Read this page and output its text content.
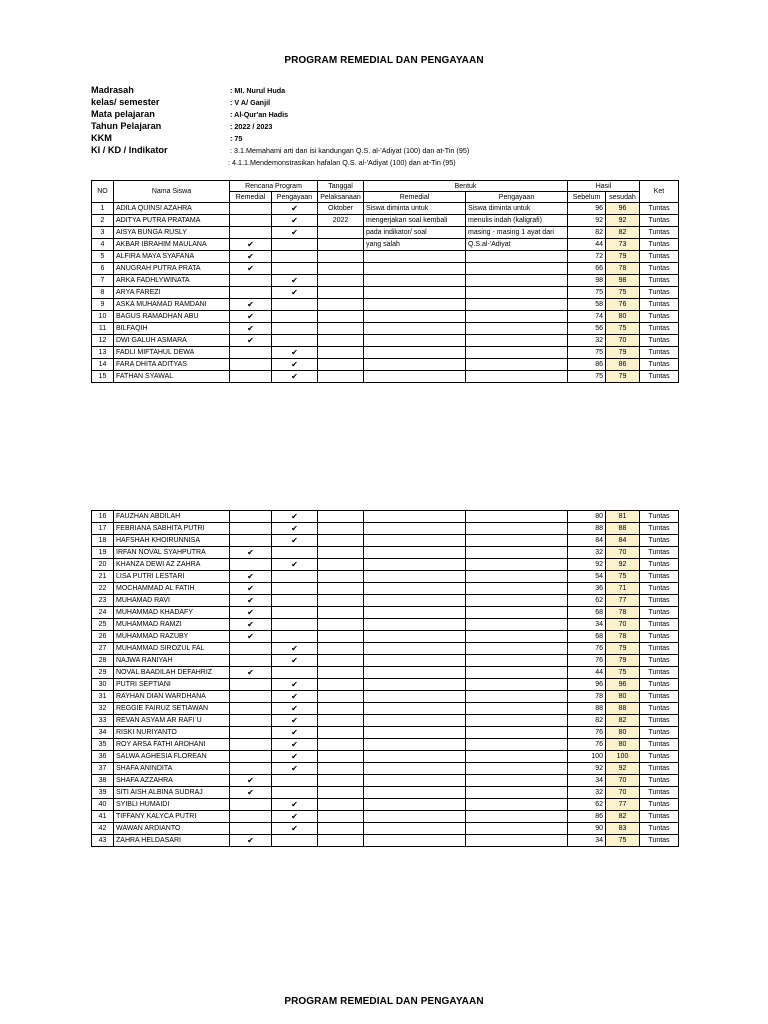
PROGRAM REMEDIAL DAN PENGAYAAN
Madrasah	: MI. Nurul Huda
kelas/ semester	: V A/ Ganjil
Mata pelajaran	: Al-Qur'an Hadis
Tahun Pelajaran	: 2022 / 2023
KKM	: 75
KI / KD / Indikator	: 3.1.Memahami arti dan isi kandungan Q.S. al-'Adiyat (100) dan at-Tin (95)
: 4.1.1.Mendemonstrasikan hafalan Q.S. al-'Adiyat (100) dan at-Tin (95)
NO	Nama Siswa	Rencana Program		Tanggal	Bentuk		Hasil		Ket
		Remedial	Pengayaan	Pelaksanaan	Remedial	Pengayaan	Sebelum	sesudah	
1	ADILA QUINSI AZAHRA		✔	Oktober	Siswa diminta untuk	Siswa diminta untuk	96	96	Tuntas
2	ADITYA PUTRA PRATAMA		✔	2022	mengerjakan soal kembali	menulis indah (kaligrafi)	92	92	Tuntas
3	AISYA BUNGA RUSLY		✔		pada indikator/ soal	masing - masing 1 ayat dari	82	82	Tuntas
4	AKBAR IBRAHIM MAULANA	✔			yang salah	Q.S.al-'Adiyat	44	73	Tuntas
5	ALFIRA MAYA SYAFANA	✔					72	79	Tuntas
6	ANUGRAH PUTRA PRATA	✔					66	78	Tuntas
7	ARKA FADHLYWINATA		✔				98	98	Tuntas
8	ARYA FAREZI		✔				75	75	Tuntas
9	ASKA MUHAMAD RAMDANI	✔					58	76	Tuntas
10	BAGUS RAMADHAN ABU	✔					74	80	Tuntas
11	BILFAQIH	✔					56	75	Tuntas
12	DWI GALUH ASMARA	✔					32	70	Tuntas
13	FADLI MIFTAHUL DEWA		✔				75	79	Tuntas
14	FARA DHITA ADITYAS		✔				86	86	Tuntas
15	FATHAN SYAWAL		✔				75	79	Tuntas
16	FAUZHAN ABDILAH		✔				80	81	Tuntas
17	FEBRIANA SABHITA PUTRI		✔				88	88	Tuntas
18	HAFSHAH KHOIRUNNISA		✔				84	84	Tuntas
19	IRFAN NOVAL SYAHPUTRA	✔					32	70	Tuntas
20	KHANZA DEWI AZ ZAHRA		✔				92	92	Tuntas
21	LISA PUTRI LESTARI	✔					54	75	Tuntas
22	MOCHAMMAD AL FATIH	✔					36	71	Tuntas
23	MUHAMAD RAVI	✔					62	77	Tuntas
24	MUHAMMAD KHADAFY	✔					68	78	Tuntas
25	MUHAMMAD RAMZI	✔					34	70	Tuntas
26	MUHAMMAD RAZUBY	✔					68	78	Tuntas
27	MUHAMMAD SIROZUL FAL		✔				76	79	Tuntas
28	NAJWA RANIYAH		✔				76	79	Tuntas
29	NOVAL BAADILAH DEFAHRIZ	✔					44	75	Tuntas
30	PUTRI SEPTIANI		✔				96	96	Tuntas
31	RAYHAN DIAN WARDHANA		✔				78	80	Tuntas
32	REGGIE FAIRUZ SETIAWAN		✔				88	88	Tuntas
33	REVAN ASYAM AR RAFI`U		✔				82	82	Tuntas
34	RISKI NURIYANTO		✔				76	80	Tuntas
35	ROY ARSA FATHI ARDHANI		✔				76	80	Tuntas
36	SALWA AGHESIA FLOREAN		✔				100	100	Tuntas
37	SHAFA ANINDITA		✔				92	92	Tuntas
38	SHAFA AZZAHRA	✔					34	70	Tuntas
39	SITI AISH ALBINA SUDRAJ	✔					32	70	Tuntas
40	SYIBLI HUMAIDI		✔				62	77	Tuntas
41	TIFFANY KALYCA PUTRI		✔				86	82	Tuntas
42	WAWAN ARDIANTO		✔				90	83	Tuntas
43	ZAHRA HELDASARI	✔					34	75	Tuntas
PROGRAM REMEDIAL DAN PENGAYAAN
